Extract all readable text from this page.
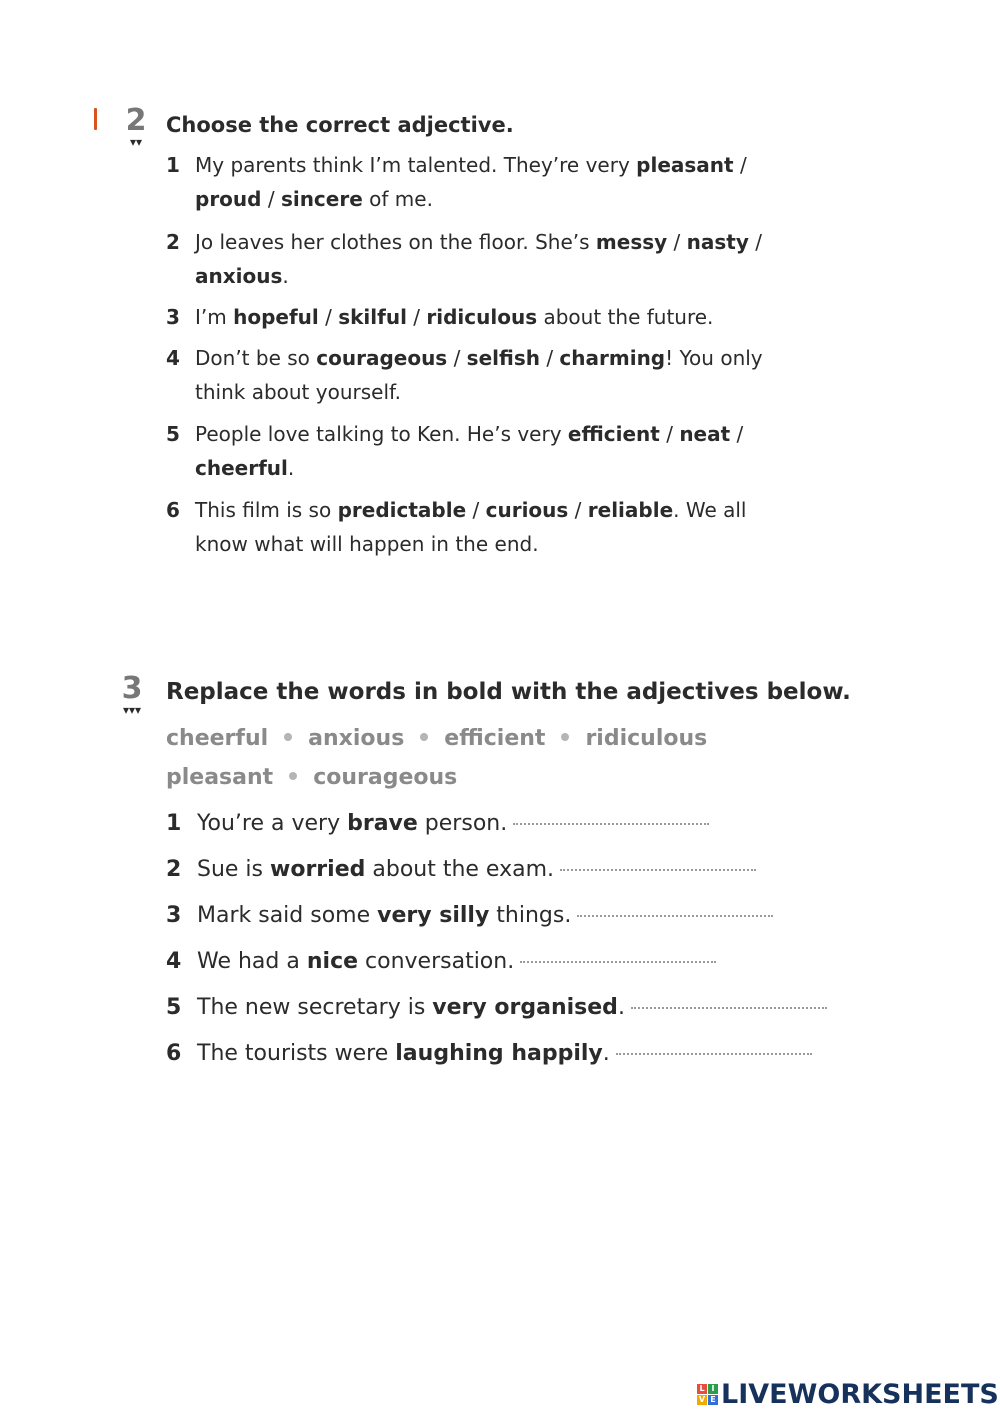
2
▾▾
Choose the correct adjective.
1 My parents think I’m talented. They’re very pleasant /
proud / sincere of me.
2 Jo leaves her clothes on the floor. She’s messy / nasty /
anxious.
3 I’m hopeful / skilful / ridiculous about the future.
4 Don’t be so courageous / selfish / charming! You only
think about yourself.
5 People love talking to Ken. He’s very efficient / neat /
cheerful.
6 This film is so predictable / curious / reliable. We all
know what will happen in the end.
3
▾▾▾
Replace the words in bold with the adjectives below.
cheerful anxious efficient ridiculous
pleasant courageous
1 You’re a very brave person.
2 Sue is worried about the exam.
3 Mark said some very silly things.
4 We had a nice conversation.
5 The new secretary is very organised.
6 The tourists were laughing happily.
L I
V E LIVEWORKSHEETS
